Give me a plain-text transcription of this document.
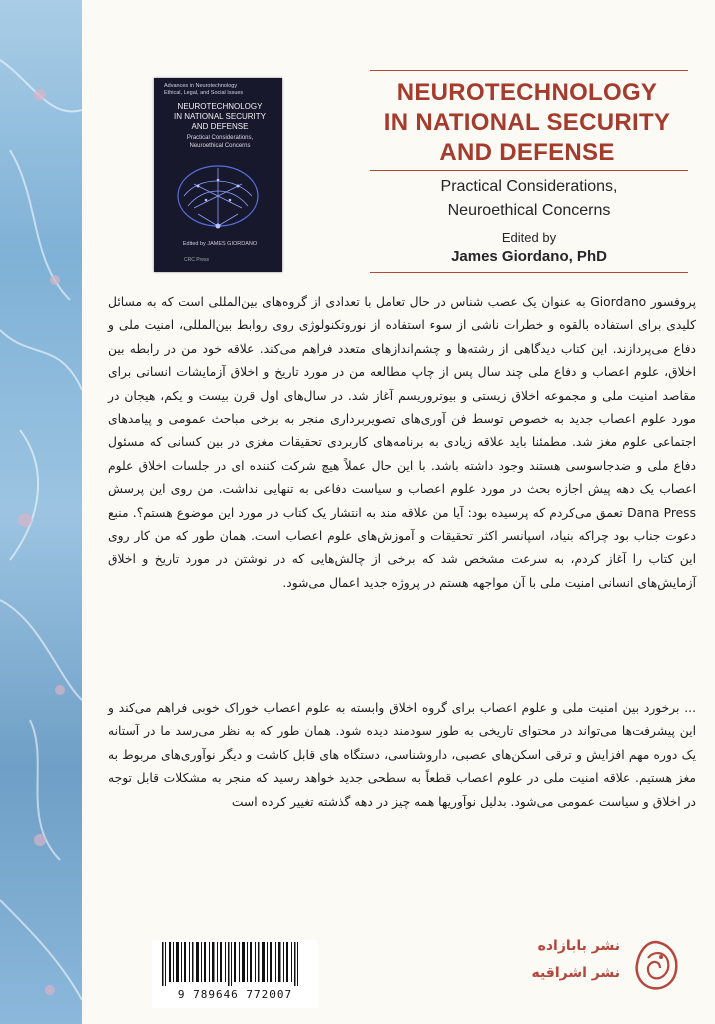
Advances in Neurotechnology
Ethical, Legal, and Social Issues
NEUROTECHNOLOGY
IN NATIONAL SECURITY
AND DEFENSE
Practical Considerations,
Neuroethical Concerns
Edited by JAMES GIORDANO
CRC Press
NEUROTECHNOLOGY
IN NATIONAL SECURITY
AND DEFENSE
Practical Considerations,
Neuroethical Concerns
Edited by
James Giordano, PhD
پروفسور Giordano به عنوان یک عصب شناس در حال تعامل با تعدادی از گروه‌های بین‌المللی است که به مسائل کلیدی برای استفاده بالقوه و خطرات ناشی از سوء استفاده از نوروتکنولوژی روی روابط بین‌المللی، امنیت ملی و دفاع می‌پردازند. این کتاب دیدگاهی از رشته‌ها و چشم‌اندازهای متعدد فراهم می‌کند. علاقه خود من در رابطه بین اخلاق، علوم اعصاب و دفاع ملی چند سال پس از چاپ مطالعه من در مورد تاریخ و اخلاق آزمایشات انسانی برای مقاصد امنیت ملی و مجموعه اخلاق زیستی و بیوتروریسم آغاز شد. در سال‌های اول قرن بیست و یکم، هیجان در مورد علوم اعصاب جدید به خصوص توسط فن آوری‌های تصویربرداری منجر به برخی مباحث عمومی و پیامدهای اجتماعی علوم مغز شد. مطمئنا باید علاقه زیادی به برنامه‌های کاربردی تحقیقات مغزی در بین کسانی که مسئول دفاع ملی و ضدجاسوسی هستند وجود داشته باشد. با این حال عملاً هیچ شرکت کننده ای در جلسات اخلاق علوم اعصاب یک دهه پیش اجازه بحث در مورد علوم اعصاب و سیاست دفاعی به تنهایی نداشت. من روی این پرسش Dana Press تعمق می‌کردم که پرسیده بود: آیا من علاقه مند به انتشار یک کتاب در مورد این موضوع هستم؟. منبع دعوت جناب بود چراکه بنیاد، اسپانسر اکثر تحقیقات و آموزش‌های علوم اعصاب است. همان طور که من کار روی این کتاب را آغاز کردم، به سرعت مشخص شد که برخی از چالش‌هایی که در نوشتن در مورد تاریخ و اخلاق آزمایش‌های انسانی امنیت ملی با آن مواجهه هستم در پروژه جدید اعمال می‌شود.
... برخورد بین امنیت ملی و علوم اعصاب برای گروه اخلاق وابسته به علوم اعصاب خوراک خوبی فراهم می‌کند و این پیشرفت‌ها می‌تواند در محتوای تاریخی به طور سودمند دیده شود. همان طور که به نظر می‌رسد ما در آستانه یک دوره مهم افزایش و ترقی اسکن‌های عصبی، داروشناسی، دستگاه های قابل کاشت و دیگر نوآوری‌های مربوط به مغز هستیم. علاقه امنیت ملی در علوم اعصاب قطعاً به سطحی جدید خواهد رسید که منجر به مشکلات قابل توجه در اخلاق و سیاست عمومی می‌شود. بدلیل نوآوریها همه چیز در دهه گذشته تغییر کرده است
9 789646 772007
نشر بابازاده
نشر اشراقیه
